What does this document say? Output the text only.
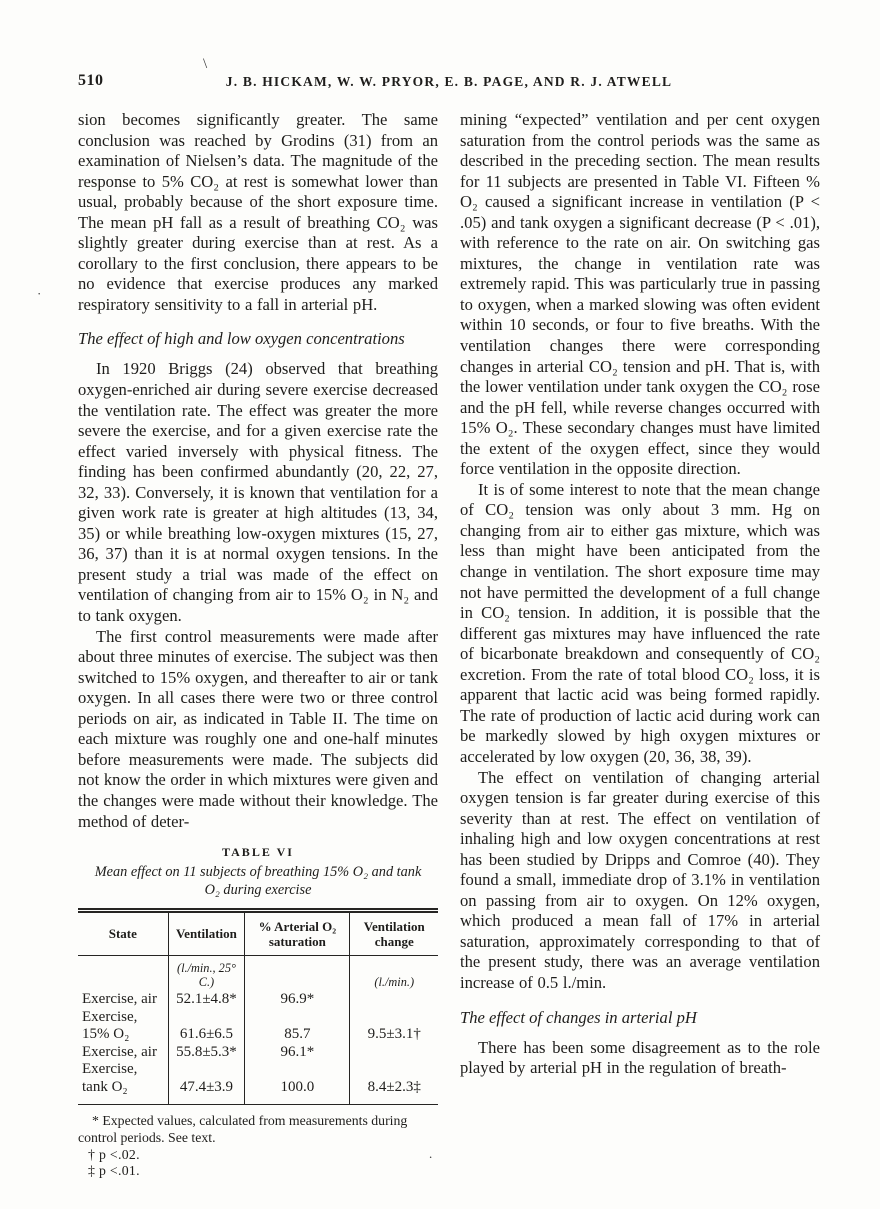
\
·
.
510	J. B. HICKAM, W. W. PRYOR, E. B. PAGE, AND R. J. ATWELL

sion becomes significantly greater. The same conclusion was reached by Grodins (31) from an examination of Nielsen’s data. The magnitude of the response to 5% CO₂ at rest is somewhat lower than usual, probably because of the short exposure time. The mean pH fall as a result of breathing CO₂ was slightly greater during exercise than at rest. As a corollary to the first conclusion, there appears to be no evidence that exercise produces any marked respiratory sensitivity to a fall in arterial pH.

The effect of high and low oxygen concentrations

In 1920 Briggs (24) observed that breathing oxygen-enriched air during severe exercise decreased the ventilation rate. The effect was greater the more severe the exercise, and for a given exercise rate the effect varied inversely with physical fitness. The finding has been confirmed abundantly (20, 22, 27, 32, 33). Conversely, it is known that ventilation for a given work rate is greater at high altitudes (13, 34, 35) or while breathing low-oxygen mixtures (15, 27, 36, 37) than it is at normal oxygen tensions. In the present study a trial was made of the effect on ventilation of changing from air to 15% O₂ in N₂ and to tank oxygen.

The first control measurements were made after about three minutes of exercise. The subject was then switched to 15% oxygen, and thereafter to air or tank oxygen. In all cases there were two or three control periods on air, as indicated in Table II. The time on each mixture was roughly one and one-half minutes before measurements were made. The subjects did not know the order in which mixtures were given and the changes were made without their knowledge. The method of deter-

TABLE VI
Mean effect on 11 subjects of breathing 15% O₂ and tank O₂ during exercise
State	Ventilation	% Arterial O₂ saturation	Ventilation change
	(l./min., 25° C.)		(l./min.)
Exercise, air	52.1±4.8*	96.9*	
Exercise, 15% O₂	61.6±6.5	85.7	9.5±3.1†
Exercise, air	55.8±5.3*	96.1*	
Exercise, tank O₂	47.4±3.9	100.0	8.4±2.3‡

* Expected values, calculated from measurements during control periods. See text.

† p <.02.

‡ p <.01.

mining “expected” ventilation and per cent oxygen saturation from the control periods was the same as described in the preceding section. The mean results for 11 subjects are presented in Table VI. Fifteen % O₂ caused a significant increase in ventilation (P < .05) and tank oxygen a significant decrease (P < .01), with reference to the rate on air. On switching gas mixtures, the change in ventilation rate was extremely rapid. This was particularly true in passing to oxygen, when a marked slowing was often evident within 10 seconds, or four to five breaths. With the ventilation changes there were corresponding changes in arterial CO₂ tension and pH. That is, with the lower ventilation under tank oxygen the CO₂ rose and the pH fell, while reverse changes occurred with 15% O₂. These secondary changes must have limited the extent of the oxygen effect, since they would force ventilation in the opposite direction.

It is of some interest to note that the mean change of CO₂ tension was only about 3 mm. Hg on changing from air to either gas mixture, which was less than might have been anticipated from the change in ventilation. The short exposure time may not have permitted the development of a full change in CO₂ tension. In addition, it is possible that the different gas mixtures may have influenced the rate of bicarbonate breakdown and consequently of CO₂ excretion. From the rate of total blood CO₂ loss, it is apparent that lactic acid was being formed rapidly. The rate of production of lactic acid during work can be markedly slowed by high oxygen mixtures or accelerated by low oxygen (20, 36, 38, 39).

The effect on ventilation of changing arterial oxygen tension is far greater during exercise of this severity than at rest. The effect on ventilation of inhaling high and low oxygen concentrations at rest has been studied by Dripps and Comroe (40). They found a small, immediate drop of 3.1% in ventilation on passing from air to oxygen. On 12% oxygen, which produced a mean fall of 17% in arterial saturation, approximately corresponding to that of the present study, there was an average ventilation increase of 0.5 l./min.

The effect of changes in arterial pH

There has been some disagreement as to the role played by arterial pH in the regulation of breath-
